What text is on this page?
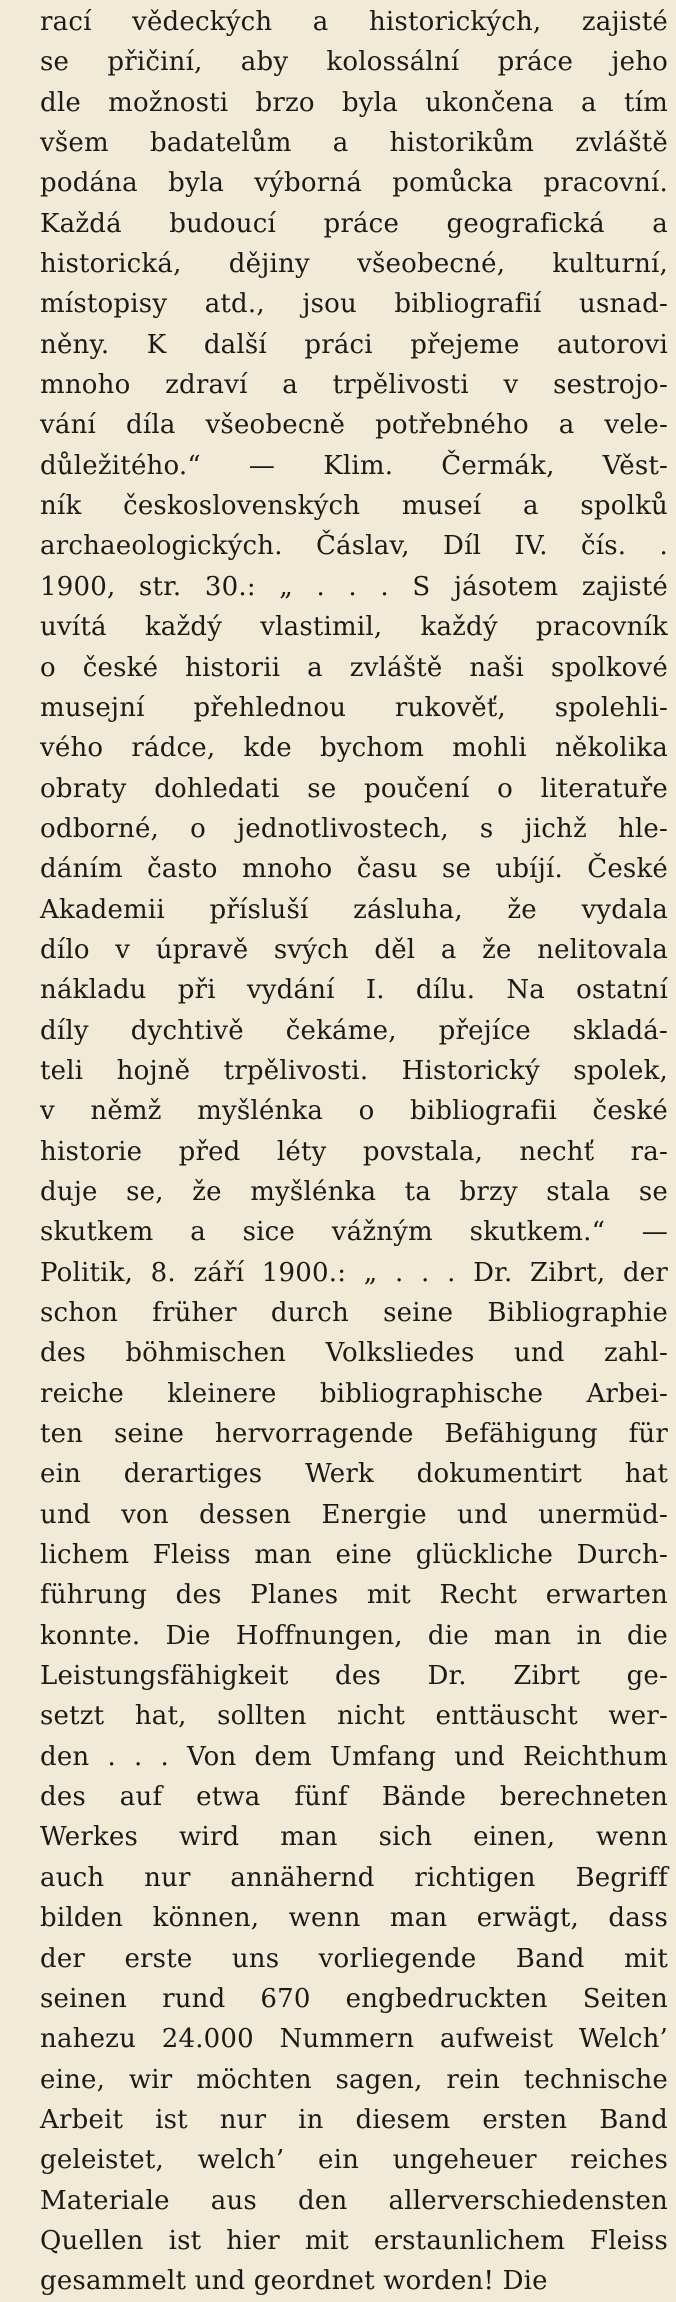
rací vědeckých a historických, zajisté
se přičiní, aby kolossální práce jeho
dle možnosti brzo byla ukončena a tím
všem badatelům a historikům zvláště
podána byla výborná pomůcka pracovní.
Každá budoucí práce geografická a
historická, dějiny všeobecné, kulturní,
místopisy atd., jsou bibliografií usnad-
něny. K další práci přejeme autorovi
mnoho zdraví a trpělivosti v sestrojo-
vání díla všeobecně potřebného a vele-
důležitého.“ — Klim. Čermák, Věst-
ník československých museí a spolků
archaeologických. Čáslav, Díl IV. čís. .
1900, str. 30.: „ . . . S jásotem zajisté
uvítá každý vlastimil, každý pracovník
o české historii a zvláště naši spolkové
musejní přehlednou rukověť, spolehli-
vého rádce, kde bychom mohli několika
obraty dohledati se poučení o literatuře
odborné, o jednotlivostech, s jichž hle-
dáním často mnoho času se ubíjí. České
Akademii přísluší zásluha, že vydala
dílo v úpravě svých děl a že nelitovala
nákladu při vydání I. dílu. Na ostatní
díly dychtivě čekáme, přejíce skladá-
teli hojně trpělivosti. Historický spolek,
v němž myšlénka o bibliografii české
historie před léty povstala, nechť ra-
duje se, že myšlénka ta brzy stala se
skutkem a sice vážným skutkem.“ —
Politik, 8. září 1900.: „ . . . Dr. Zibrt, der
schon früher durch seine Bibliographie
des böhmischen Volksliedes und zahl-
reiche kleinere bibliographische Arbei-
ten seine hervorragende Befähigung für
ein derartiges Werk dokumentirt hat
und von dessen Energie und unermüd-
lichem Fleiss man eine glückliche Durch-
führung des Planes mit Recht erwarten
konnte. Die Hoffnungen, die man in die
Leistungsfähigkeit des Dr. Zibrt ge-
setzt hat, sollten nicht enttäuscht wer-
den . . . Von dem Umfang und Reichthum
des auf etwa fünf Bände berechneten
Werkes wird man sich einen, wenn
auch nur annähernd richtigen Begriff
bilden können, wenn man erwägt, dass
der erste uns vorliegende Band mit
seinen rund 670 engbedruckten Seiten
nahezu 24.000 Nummern aufweist Welch’
eine, wir möchten sagen, rein technische
Arbeit ist nur in diesem ersten Band
geleistet, welch’ ein ungeheuer reiches
Materiale aus den allerverschiedensten
Quellen ist hier mit erstaunlichem Fleiss
gesammelt und geordnet worden! Die
